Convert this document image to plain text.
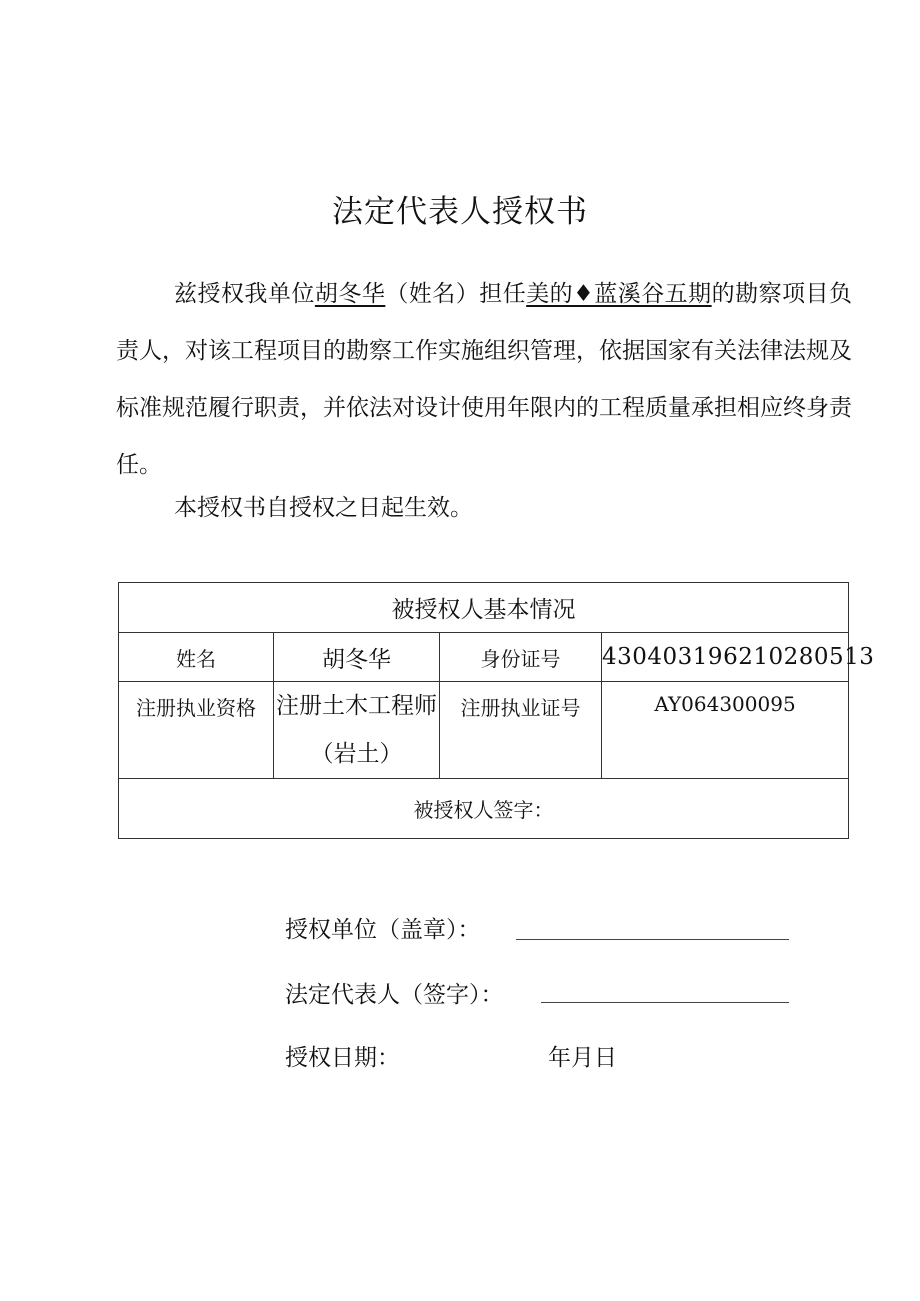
法定代表人授权书

兹授权我单位胡冬华（姓名）担任美的♦蓝溪谷五期的勘察项目负责人，对该工程项目的勘察工作实施组织管理，依据国家有关法律法规及标准规范履行职责，并依法对设计使用年限内的工程质量承担相应终身责任。

本授权书自授权之日起生效。

被授权人基本情况			
姓名	胡冬华	身份证号	430403196210280513

注册执业资格	注册土木工程师（岩土）	注册执业证号	AY064300095

被授权人签字：			

授权单位（盖章）：

法定代表人（签字）：

授权日期：	年月日
